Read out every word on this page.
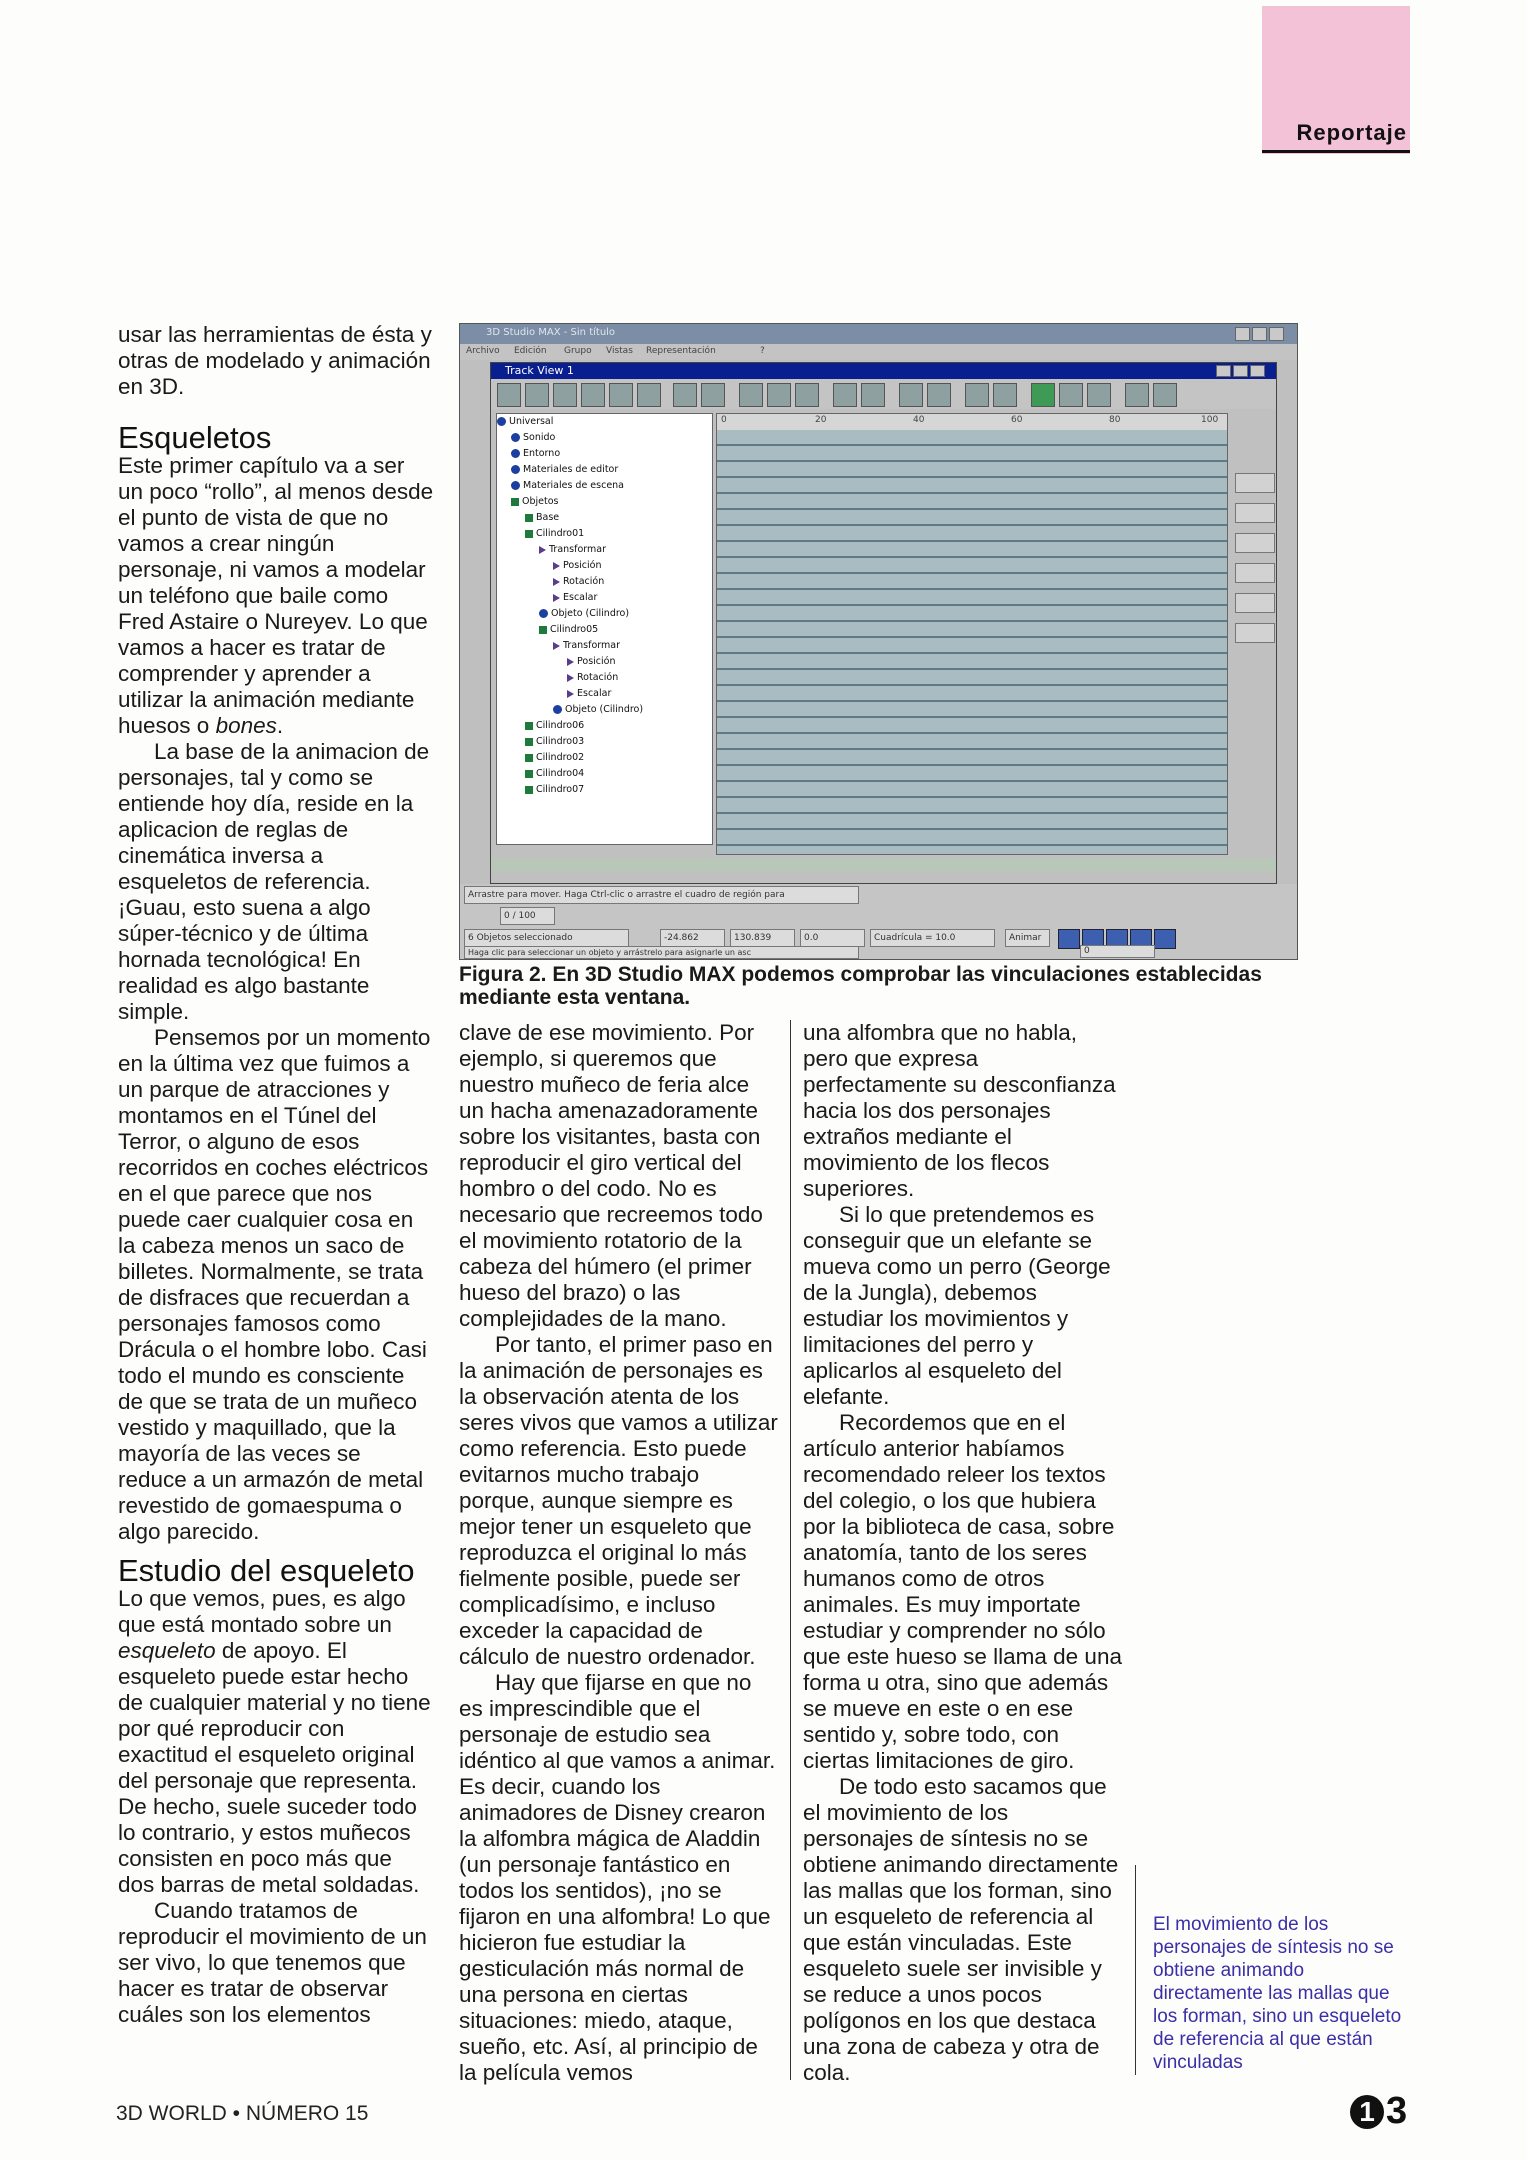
Reportaje

usar las herramientas de ésta y otras de modelado y animación en 3D.

Esqueletos

Este primer capítulo va a ser un poco “rollo”, al menos desde el punto de vista de que no vamos a crear ningún personaje, ni vamos a modelar un teléfono que baile como Fred Astaire o Nureyev. Lo que vamos a hacer es tratar de comprender y aprender a utilizar la animación mediante huesos o bones.

La base de la animacion de personajes, tal y como se entiende hoy día, reside en la aplicacion de reglas de cinemática inversa a esqueletos de referencia. ¡Guau, esto suena a algo súper-técnico y de última hornada tecnológica! En realidad es algo bastante simple.

Pensemos por un momento en la última vez que fuimos a un parque de atracciones y montamos en el Túnel del Terror, o alguno de esos recorridos en coches eléctricos en el que parece que nos puede caer cualquier cosa en la cabeza menos un saco de billetes. Normalmente, se trata de disfraces que recuerdan a personajes famosos como Drácula o el hombre lobo. Casi todo el mundo es consciente de que se trata de un muñeco vestido y maquillado, que la mayoría de las veces se reduce a un armazón de metal revestido de gomaespuma o algo parecido.

Estudio del esqueleto

Lo que vemos, pues, es algo que está montado sobre un esqueleto de apoyo. El esqueleto puede estar hecho de cualquier material y no tiene por qué reproducir con exactitud el esqueleto original del personaje que representa. De hecho, suele suceder todo lo contrario, y estos muñecos consisten en poco más que dos barras de metal soldadas.

Cuando tratamos de reproducir el movimiento de un ser vivo, lo que tenemos que hacer es tratar de observar cuáles son los elementos

3D Studio MAX - Sin título
Archivo Edición Grupo Vistas Representación	?
Track View 1
Universal
Sonido
Entorno
Materiales de editor
Materiales de escena
Objetos
Base
Cilindro01
Transformar
Posición
Rotación
Escalar
Objeto (Cilindro)
Cilindro05
Transformar
Posición
Rotación
Escalar
Objeto (Cilindro)
Cilindro06
Cilindro03
Cilindro02
Cilindro04
Cilindro07
0	20	40	60	80	100
Arrastre para mover. Haga Ctrl-clic o arrastre el cuadro de región para
0 / 100
6 Objetos seleccionado	-24.862	130.839	0.0	Cuadrícula = 10.0
Haga clic para seleccionar un objeto y arrástrelo para asignarle un asc
Animar
0
Figura 2. En 3D Studio MAX podemos comprobar las vinculaciones establecidas mediante esta ventana.

clave de ese movimiento. Por ejemplo, si queremos que nuestro muñeco de feria alce un hacha amenazadoramente sobre los visitantes, basta con reproducir el giro vertical del hombro o del codo. No es necesario que recreemos todo el movimiento rotatorio de la cabeza del húmero (el primer hueso del brazo) o las complejidades de la mano.

Por tanto, el primer paso en la animación de personajes es la observación atenta de los seres vivos que vamos a utilizar como referencia. Esto puede evitarnos mucho trabajo porque, aunque siempre es mejor tener un esqueleto que reproduzca el original lo más fielmente posible, puede ser complicadísimo, e incluso exceder la capacidad de cálculo de nuestro ordenador.

Hay que fijarse en que no es imprescindible que el personaje de estudio sea idéntico al que vamos a animar. Es decir, cuando los animadores de Disney crearon la alfombra mágica de Aladdin (un personaje fantástico en todos los sentidos), ¡no se fijaron en una alfombra! Lo que hicieron fue estudiar la gesticulación más normal de una persona en ciertas situaciones: miedo, ataque, sueño, etc. Así, al principio de la película vemos

una alfombra que no habla, pero que expresa perfectamente su desconfianza hacia los dos personajes extraños mediante el movimiento de los flecos superiores.

Si lo que pretendemos es conseguir que un elefante se mueva como un perro (George de la Jungla), debemos estudiar los movimientos y limitaciones del perro y aplicarlos al esqueleto del elefante.

Recordemos que en el artículo anterior habíamos recomendado releer los textos del colegio, o los que hubiera por la biblioteca de casa, sobre anatomía, tanto de los seres humanos como de otros animales. Es muy importate estudiar y comprender no sólo que este hueso se llama de una forma u otra, sino que además se mueve en este o en ese sentido y, sobre todo, con ciertas limitaciones de giro.

De todo esto sacamos que el movimiento de los personajes de síntesis no se obtiene animando directamente las mallas que los forman, sino un esqueleto de referencia al que están vinculadas. Este esqueleto suele ser invisible y se reduce a unos pocos polígonos en los que destaca una zona de cabeza y otra de cola.

El movimiento de los personajes de síntesis no se obtiene animando directamente las mallas que los forman, sino un esqueleto de referencia al que están vinculadas
3D WORLD • NÚMERO 15	1 3
